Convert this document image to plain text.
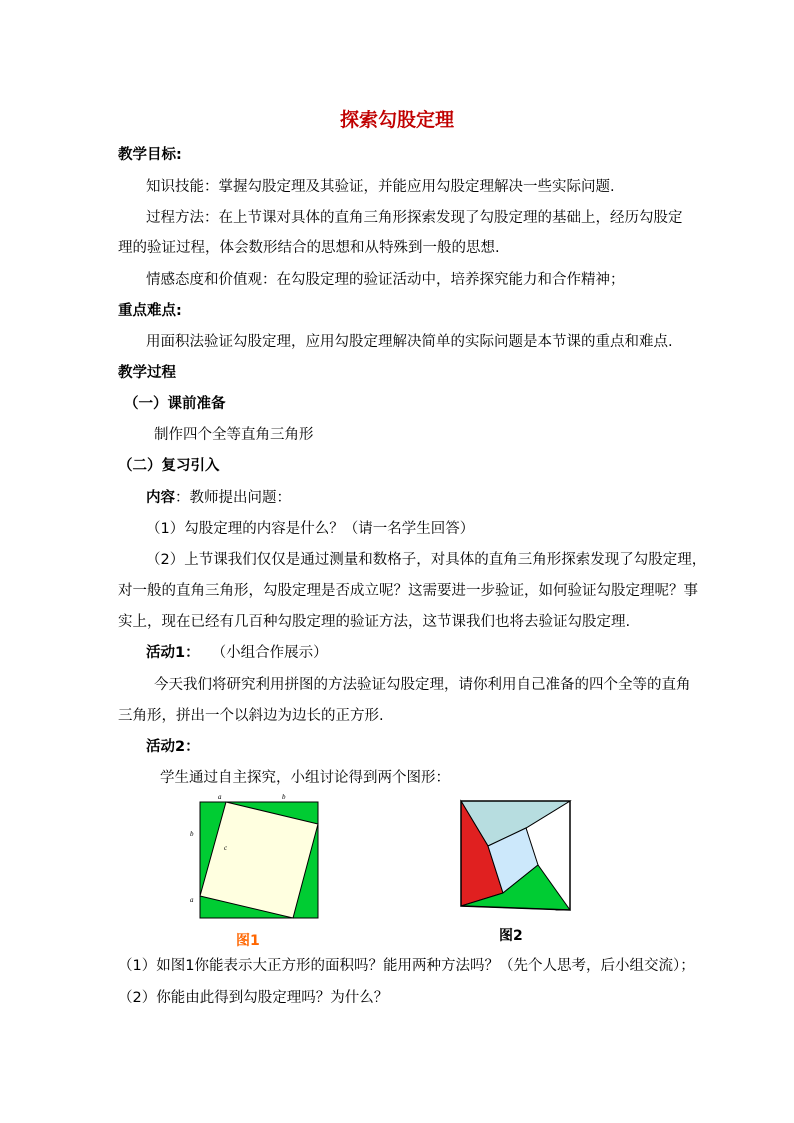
探索勾股定理
教学目标:
知识技能：掌握勾股定理及其验证，并能应用勾股定理解决一些实际问题.
过程方法：在上节课对具体的直角三角形探索发现了勾股定理的基础上，经历勾股定
理的验证过程，体会数形结合的思想和从特殊到一般的思想.
情感态度和价值观：在勾股定理的验证活动中，培养探究能力和合作精神；
重点难点:
用面积法验证勾股定理，应用勾股定理解决简单的实际问题是本节课的重点和难点.
教学过程
（一）课前准备
制作四个全等直角三角形
（二）复习引入
内容：教师提出问题：
（1）勾股定理的内容是什么？（请一名学生回答）
（2）上节课我们仅仅是通过测量和数格子，对具体的直角三角形探索发现了勾股定理，
对一般的直角三角形，勾股定理是否成立呢？这需要进一步验证，如何验证勾股定理呢？事
实上，现在已经有几百种勾股定理的验证方法，这节课我们也将去验证勾股定理.
活动1： （小组合作展示）
今天我们将研究利用拼图的方法验证勾股定理，请你利用自己准备的四个全等的直角
三角形，拼出一个以斜边为边长的正方形.
活动2：
学生通过自主探究，小组讨论得到两个图形：
a	b
b
a
c
图1	图2
（1）如图1你能表示大正方形的面积吗？能用两种方法吗？（先个人思考，后小组交流）；
（2）你能由此得到勾股定理吗？为什么？
